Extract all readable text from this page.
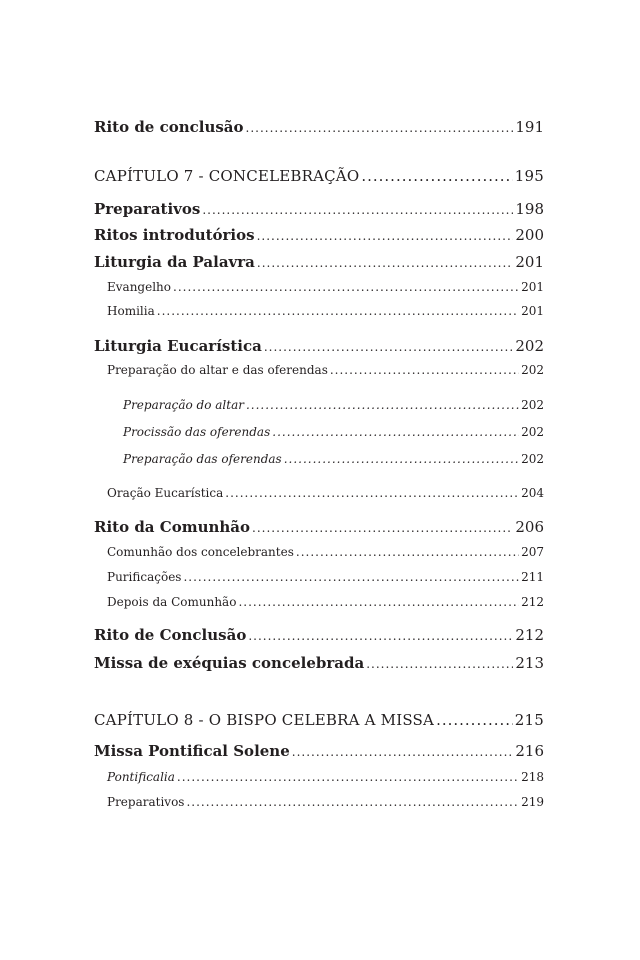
Rito de conclusão .....	191
CAPÍTULO 7 - CONCELEBRAÇÃO .....	195
Preparativos .....	198
Ritos introdutórios .....	200
Liturgia da Palavra .....	201
Evangelho .....	201
Homilia .....	201
Liturgia Eucarística .....	202
Preparação do altar e das oferendas .....	202
Preparação do altar .....	202
Procissão das oferendas .....	202
Preparação das oferendas .....	202
Oração Eucarística .....	204
Rito da Comunhão .....	206
Comunhão dos concelebrantes .....	207
Purificações .....	211
Depois da Comunhão .....	212
Rito de Conclusão .....	212
Missa de exéquias concelebrada .....	213
CAPÍTULO 8 - O BISPO CELEBRA A MISSA .....	215
Missa Pontifical Solene .....	216
Pontificalia .....	218
Preparativos .....	219
